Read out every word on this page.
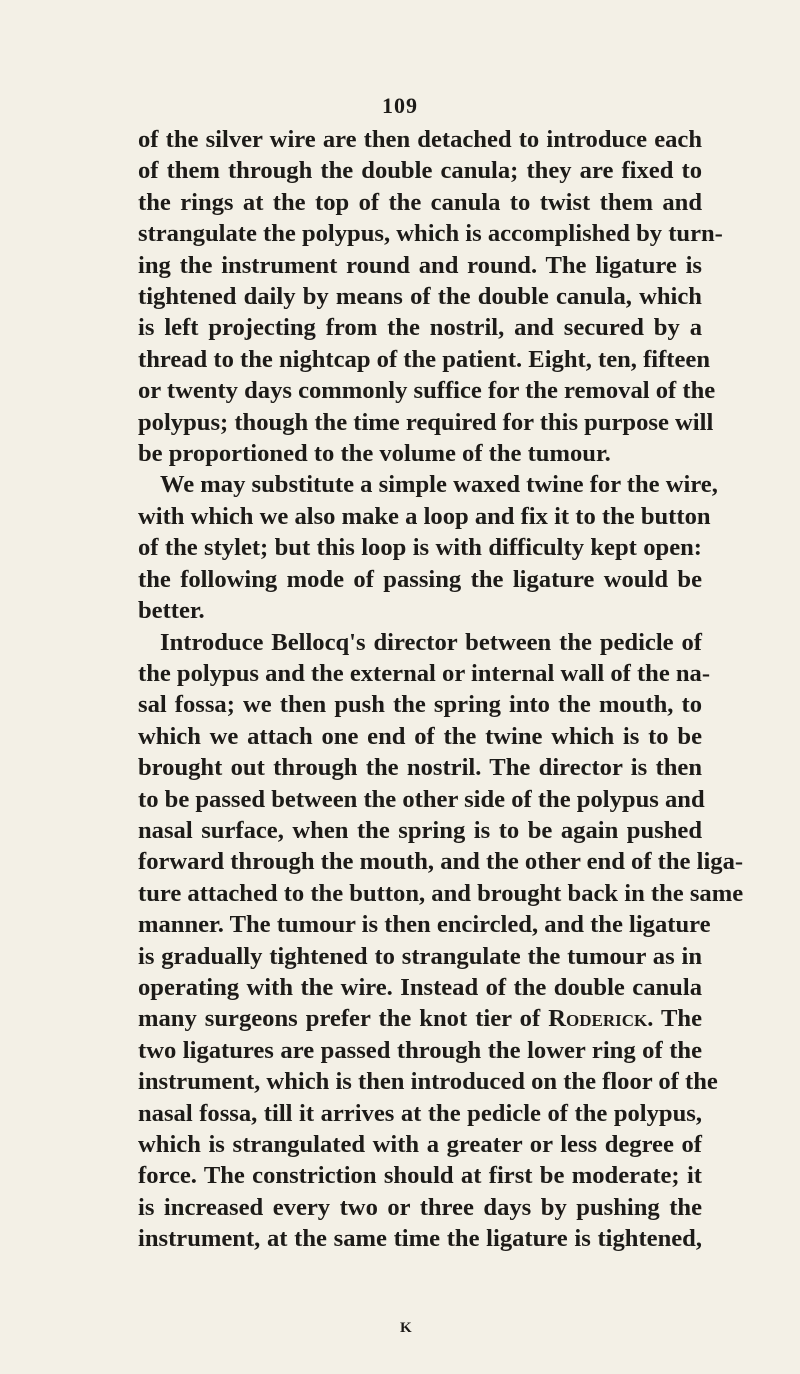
109
of the silver wire are then detached to introduce each
of them through the double canula; they are fixed to
the rings at the top of the canula to twist them and
strangulate the polypus, which is accomplished by turn-
ing the instrument round and round. The ligature is
tightened daily by means of the double canula, which
is left projecting from the nostril, and secured by a
thread to the nightcap of the patient. Eight, ten, fifteen
or twenty days commonly suffice for the removal of the
polypus; though the time required for this purpose will
be proportioned to the volume of the tumour.
We may substitute a simple waxed twine for the wire,
with which we also make a loop and fix it to the button
of the stylet; but this loop is with difficulty kept open:
the following mode of passing the ligature would be
better.
Introduce Bellocq's director between the pedicle of
the polypus and the external or internal wall of the na-
sal fossa; we then push the spring into the mouth, to
which we attach one end of the twine which is to be
brought out through the nostril. The director is then
to be passed between the other side of the polypus and
nasal surface, when the spring is to be again pushed
forward through the mouth, and the other end of the liga-
ture attached to the button, and brought back in the same
manner. The tumour is then encircled, and the ligature
is gradually tightened to strangulate the tumour as in
operating with the wire. Instead of the double canula
many surgeons prefer the knot tier of Roderick. The
two ligatures are passed through the lower ring of the
instrument, which is then introduced on the floor of the
nasal fossa, till it arrives at the pedicle of the polypus,
which is strangulated with a greater or less degree of
force. The constriction should at first be moderate; it
is increased every two or three days by pushing the
instrument, at the same time the ligature is tightened,
K
